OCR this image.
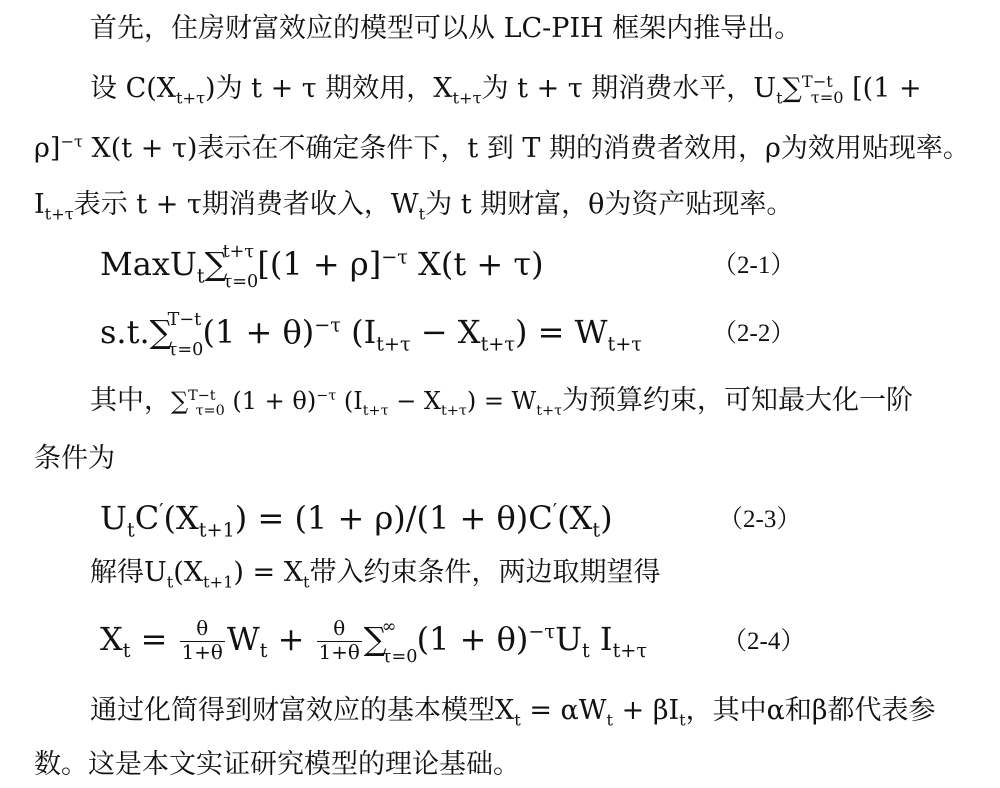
首先，住房财富效应的模型可以从 LC-PIH 框架内推导出。
设 $C(X_{t+\tau})$为 t + τ 期效用，$X_{t+\tau}$为 t + τ 期消费水平，$U_t\sum^{T-t}_{\tau=0}$ [(1 +
ρ]$^{-\tau}$ X(t + τ)表示在不确定条件下，t 到 T 期的消费者效用，ρ为效用贴现率。
$I_{t+\tau}$表示 t + τ期消费者收入，$W_t$为 t 期财富，θ为资产贴现率。
MaxU$_t$∑
t+τ
τ=0 [$(1 + \rho]^{-\tau}$ X(t + τ)	（2-1）
s.t.∑
T−t
τ=0 $(1 + \theta)^{-\tau}$ $(I_{t+\tau} - X_{t+\tau}) = W_{t+\tau}$	（2-2）
其中，∑$^{T-t}_{\tau=0}$ $(1 + \theta)^{-\tau}$ $(I_{t+\tau} - X_{t+\tau}) = W_{t+\tau}$为预算约束，可知最大化一阶
条件为
$U_tC'(X_{t+1}) = (1 + \rho)/(1 + \theta)C'(X_t)$	（2-3）
解得$U_t(X_{t+1}) = X_t$带入约束条件，两边取期望得
$X_t = \frac{\theta}{1+\theta} W_t + \frac{\theta}{1+\theta}$ ∑
∞
τ=0 $(1 + \theta)^{-\tau}U_t$ $I_{t+\tau}$	（2-4）
通过化简得到财富效应的基本模型$X_t = \alpha W_t + \beta I_t$，其中α和β都代表参
数。这是本文实证研究模型的理论基础。
